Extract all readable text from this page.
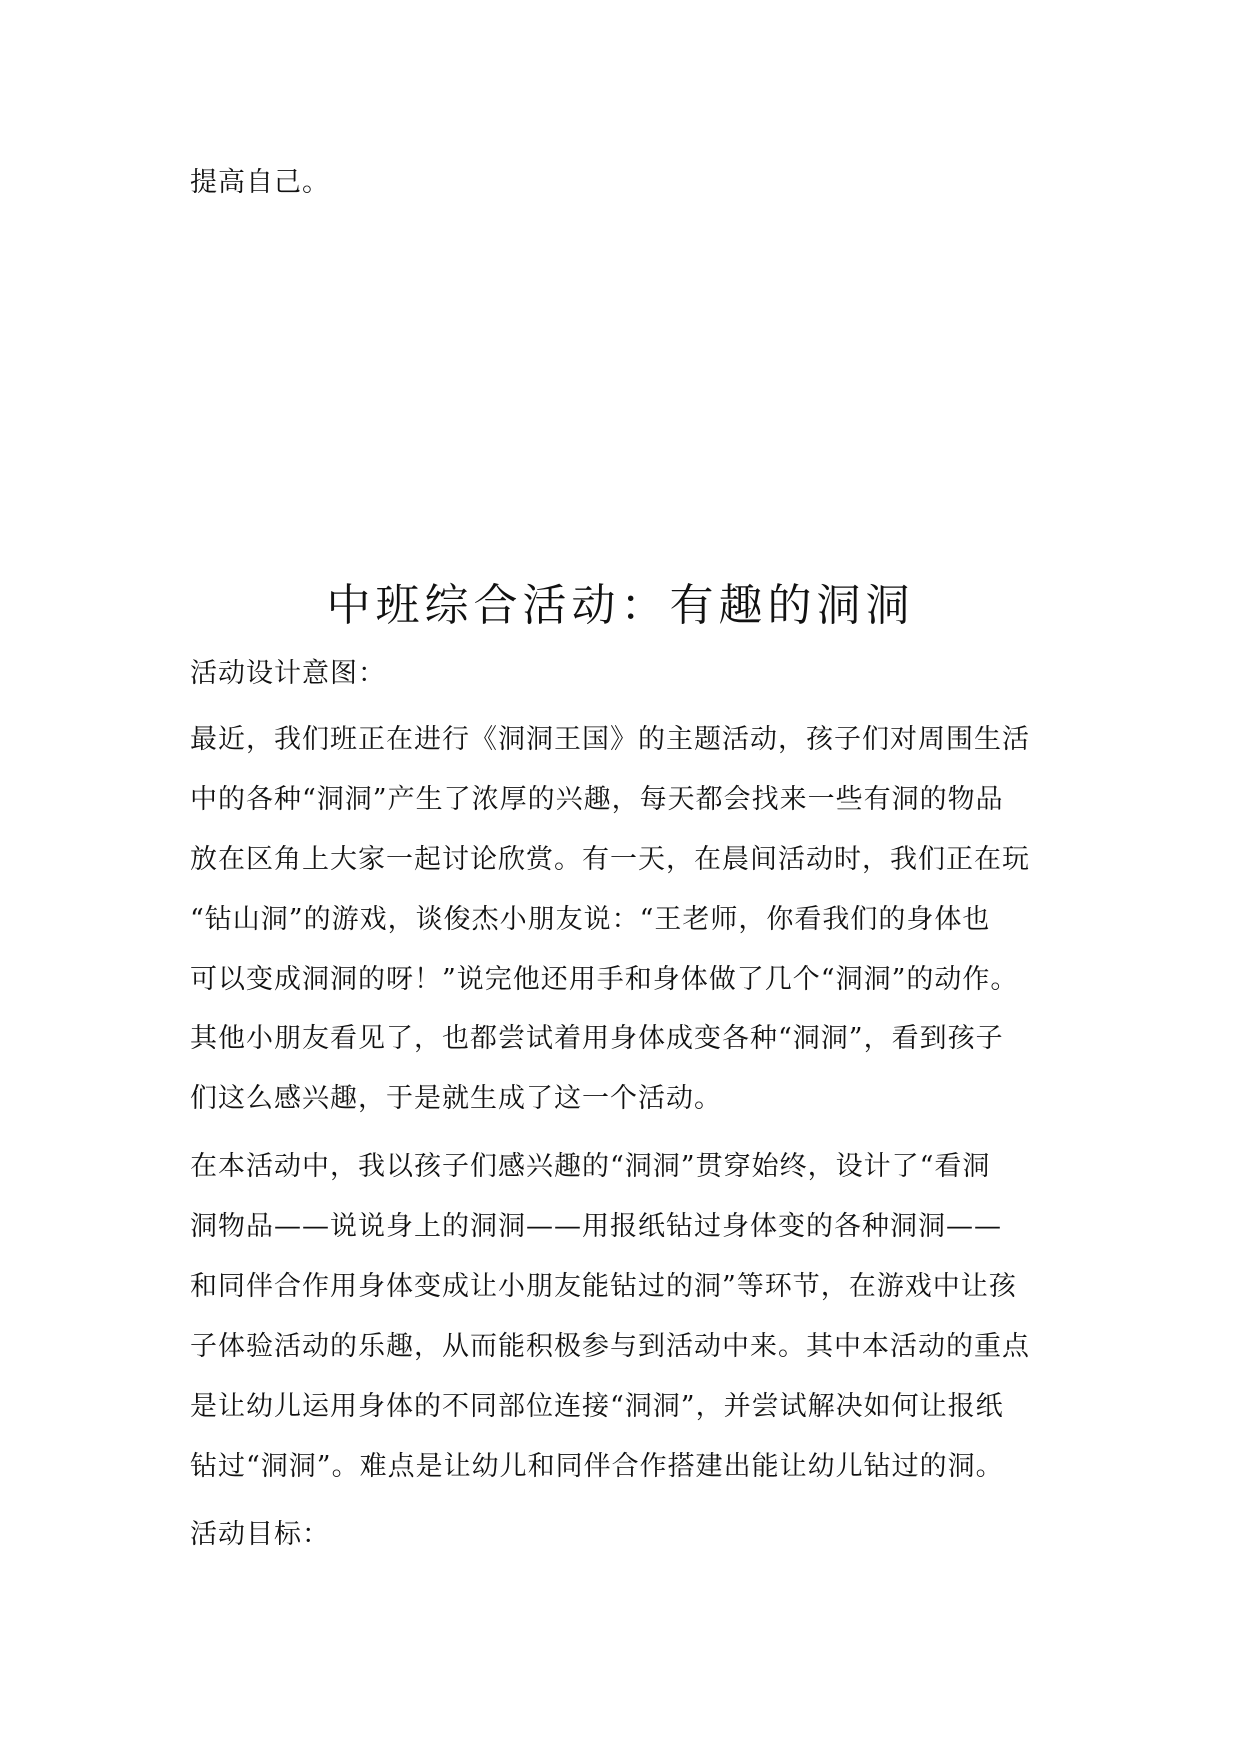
提高自己。
中班综合活动：有趣的洞洞
活动设计意图：
最近，我们班正在进行《洞洞王国》的主题活动，孩子们对周围生活
中的各种“洞洞”产生了浓厚的兴趣，每天都会找来一些有洞的物品
放在区角上大家一起讨论欣赏。有一天，在晨间活动时，我们正在玩
“钻山洞”的游戏，谈俊杰小朋友说：“王老师，你看我们的身体也
可以变成洞洞的呀！”说完他还用手和身体做了几个“洞洞”的动作。
其他小朋友看见了，也都尝试着用身体成变各种“洞洞”，看到孩子
们这么感兴趣，于是就生成了这一个活动。
在本活动中，我以孩子们感兴趣的“洞洞”贯穿始终，设计了“看洞
洞物品——说说身上的洞洞——用报纸钻过身体变的各种洞洞——
和同伴合作用身体变成让小朋友能钻过的洞”等环节，在游戏中让孩
子体验活动的乐趣，从而能积极参与到活动中来。其中本活动的重点
是让幼儿运用身体的不同部位连接“洞洞”，并尝试解决如何让报纸
钻过“洞洞”。难点是让幼儿和同伴合作搭建出能让幼儿钻过的洞。
活动目标：
